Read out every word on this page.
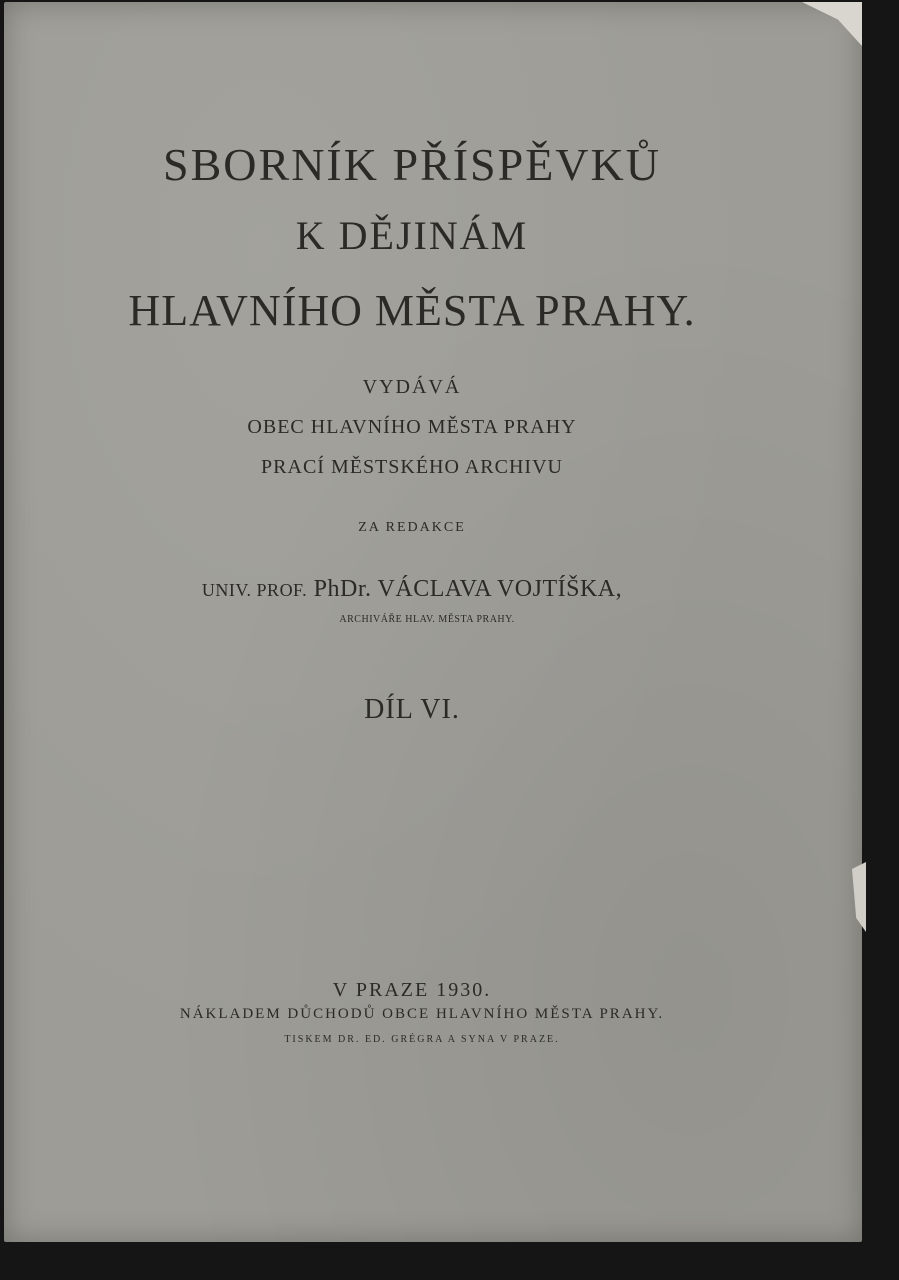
SBORNÍK PŘÍSPĚVKŮ

K DĚJINÁM

HLAVNÍHO MĚSTA PRAHY.

VYDÁVÁ

OBEC HLAVNÍHO MĚSTA PRAHY

PRACÍ MĚSTSKÉHO ARCHIVU

ZA REDAKCE

UNIV. PROF. PhDr. VÁCLAVA VOJTÍŠKA,

ARCHIVÁŘE HLAV. MĚSTA PRAHY.

DÍL VI.

V PRAZE 1930.

NÁKLADEM DŮCHODŮ OBCE HLAVNÍHO MĚSTA PRAHY.

TISKEM DR. ED. GRÉGRA A SYNA V PRAZE.
